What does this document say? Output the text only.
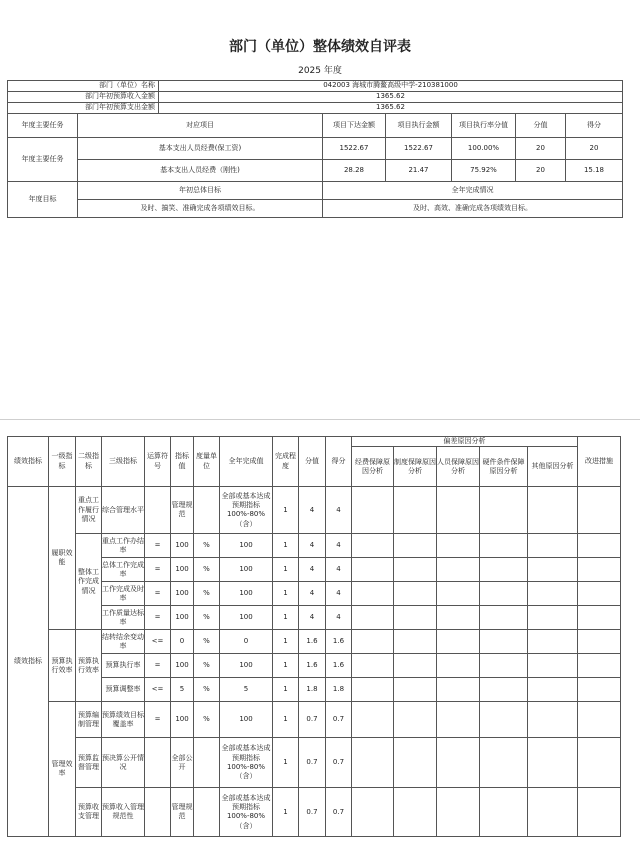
部门（单位）整体绩效自评表
2025 年度
部门（单位）名称		042003 海城市腾鳌高级中学-210381000					
部门年初预算收入金额		1365.62					
部门年初预算支出金额		1365.62					

年度主要任务	对应项目		项目下达金额	项目执行金额	项目执行率分值	分值	得分
年度主要任务	基本支出人员经费(保工资)		1522.67	1522.67	100.00%	20	20
	基本支出人员经费（刚性)		28.28	21.47	75.92%	20	15.18
年度目标	年初总体目标		全年完成情况				
	及时、搞笑、准确完成各项绩效目标。		及时、高效、准确完成各项绩效目标。				
绩效指标	一级指标	二级指标	三级指标	运算符号	指标值	度量单位	全年完成值	完成程度	分值	得分	偏差原因分析					改进措施
											经费保障原因分析	制度保障原因分析	人员保障原因分析	硬件条件保障原因分析	其他原因分析	
绩效指标	履职效能	重点工作履行情况	综合管理水平		管理规范		全部或基本达成预期指标 100%-80%（含）	1	4	4						

		整体工作完成情况	重点工作办结率	=	100	%	100	1	4	4						
			总体工作完成率	=	100	%	100	1	4	4						
			工作完成及时率	=	100	%	100	1	4	4						
			工作质量达标率	=	100	%	100	1	4	4						

	预算执行效率	预算执行效率	结转结余变动率	<=	0	%	0	1	1.6	1.6						
			预算执行率	=	100	%	100	1	1.6	1.6						
			预算调整率	<=	5	%	5	1	1.8	1.8						

	管理效率	预算编制管理	预算绩效目标覆盖率	=	100	%	100	1	0.7	0.7						

		预算监督管理	预决算公开情况		全部公开		全部或基本达成预期指标 100%-80%（含）	1	0.7	0.7						

		预算收支管理	预算收入管理规范性		管理规范		全部或基本达成预期指标 100%-80%（含）	1	0.7	0.7						
